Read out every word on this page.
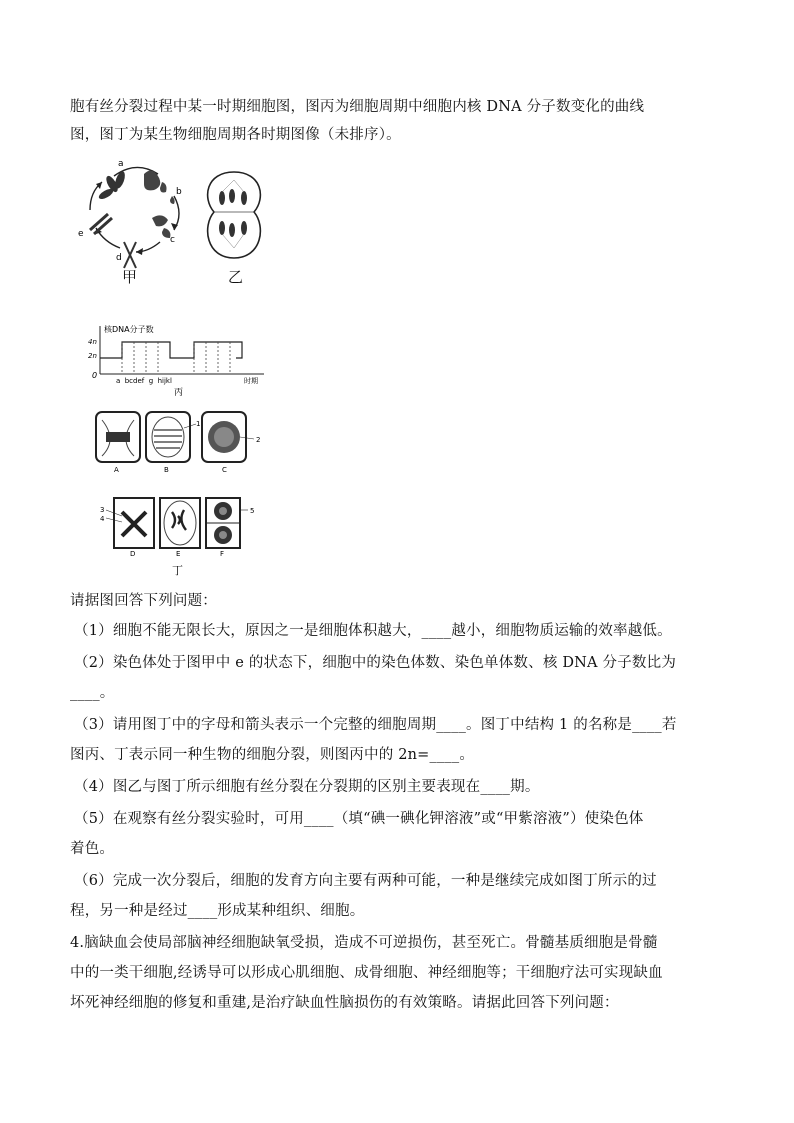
胞有丝分裂过程中某一时期细胞图，图丙为细胞周期中细胞内核 DNA 分子数变化的曲线
图，图丁为某生物细胞周期各时期图像（未排序）。
a
b
c
d
e
甲	乙
核DNA分子数
4n
2n
0
a  bcdef  g  hijkl	时期
丙
A
1
B
2
C
3
4
D	E
5
F
丁
请据图回答下列问题：
（1）细胞不能无限长大，原因之一是细胞体积越大，____越小，细胞物质运输的效率越低。
（2）染色体处于图甲中 e 的状态下，细胞中的染色体数、染色单体数、核 DNA 分子数比为
____。
（3）请用图丁中的字母和箭头表示一个完整的细胞周期____。图丁中结构 1 的名称是____若
图丙、丁表示同一种生物的细胞分裂，则图丙中的 2n=____。
（4）图乙与图丁所示细胞有丝分裂在分裂期的区别主要表现在____期。
（5）在观察有丝分裂实验时，可用____（填“碘一碘化钾溶液”或“甲紫溶液”）使染色体
着色。
（6）完成一次分裂后，细胞的发育方向主要有两种可能，一种是继续完成如图丁所示的过
程，另一种是经过____形成某种组织、细胞。
4.脑缺血会使局部脑神经细胞缺氧受损，造成不可逆损伤，甚至死亡。骨髓基质细胞是骨髓
中的一类干细胞,经诱导可以形成心肌细胞、成骨细胞、神经细胞等；干细胞疗法可实现缺血
坏死神经细胞的修复和重建,是治疗缺血性脑损伤的有效策略。请据此回答下列问题：
